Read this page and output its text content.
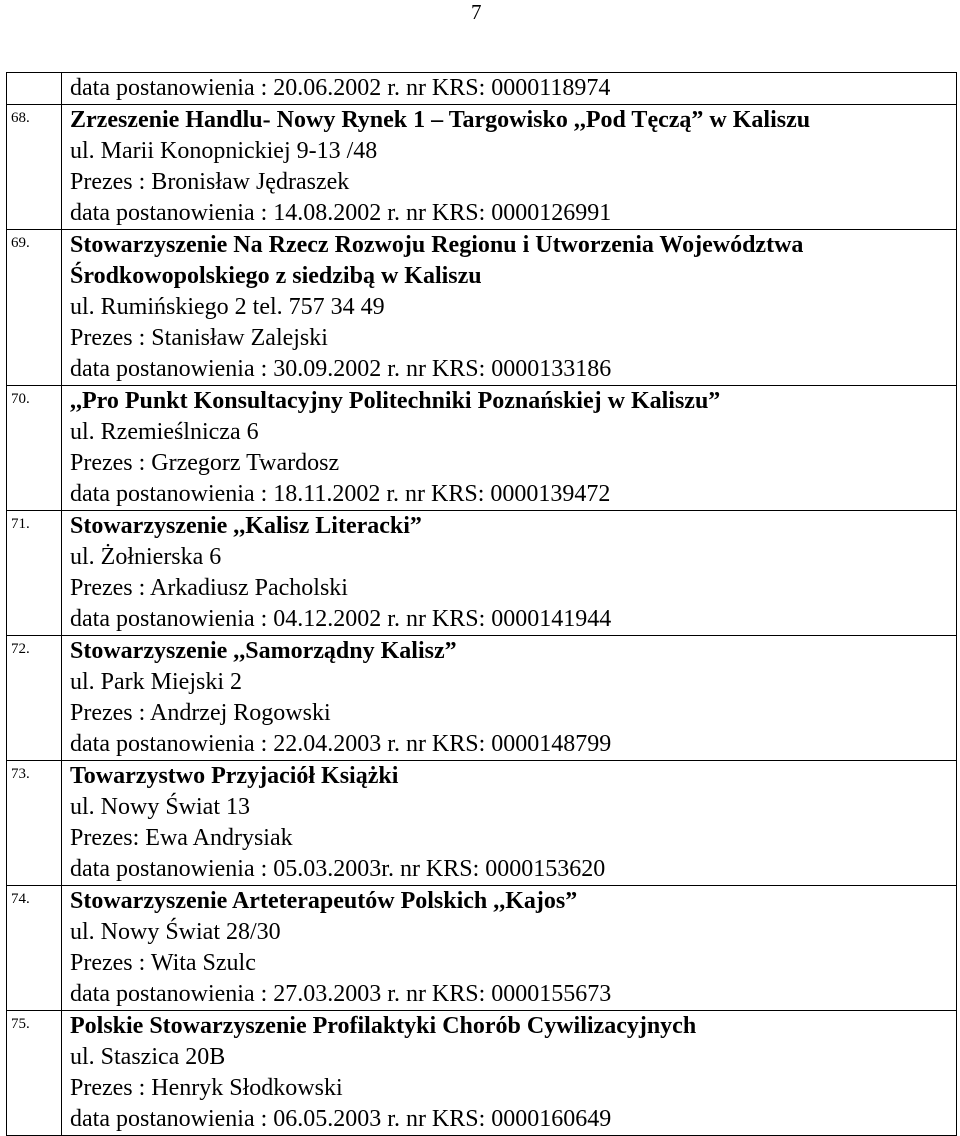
7

	data postanowienia : 20.06.2002 r. nr KRS: 0000118974

68.	Zrzeszenie Handlu- Nowy Rynek 1 – Targowisko ,,Pod Tęczą” w Kaliszu
ul. Marii Konopnickiej 9-13 /48
Prezes : Bronisław Jędraszek
data postanowienia : 14.08.2002 r. nr KRS: 0000126991

69.	Stowarzyszenie Na Rzecz Rozwoju Regionu i Utworzenia Województwa
Środkowopolskiego z siedzibą w Kaliszu
ul. Rumińskiego 2 tel. 757 34 49
Prezes : Stanisław Zalejski
data postanowienia : 30.09.2002 r. nr KRS: 0000133186

70.	,,Pro Punkt Konsultacyjny Politechniki Poznańskiej w Kaliszu”
ul. Rzemieślnicza 6
Prezes : Grzegorz Twardosz
data postanowienia : 18.11.2002 r. nr KRS: 0000139472

71.	Stowarzyszenie ,,Kalisz Literacki”
ul. Żołnierska 6
Prezes : Arkadiusz Pacholski
data postanowienia : 04.12.2002 r. nr KRS: 0000141944

72.	Stowarzyszenie ,,Samorządny Kalisz”
ul. Park Miejski 2
Prezes : Andrzej Rogowski
data postanowienia : 22.04.2003 r. nr KRS: 0000148799

73.	Towarzystwo Przyjaciół Książki
ul. Nowy Świat 13
Prezes: Ewa Andrysiak
data postanowienia : 05.03.2003r. nr KRS: 0000153620

74.	Stowarzyszenie Arteterapeutów Polskich ,,Kajos”
ul. Nowy Świat 28/30
Prezes : Wita Szulc
data postanowienia : 27.03.2003 r. nr KRS: 0000155673

75.	Polskie Stowarzyszenie Profilaktyki Chorób Cywilizacyjnych
ul. Staszica 20B
Prezes : Henryk Słodkowski
data postanowienia : 06.05.2003 r. nr KRS: 0000160649
